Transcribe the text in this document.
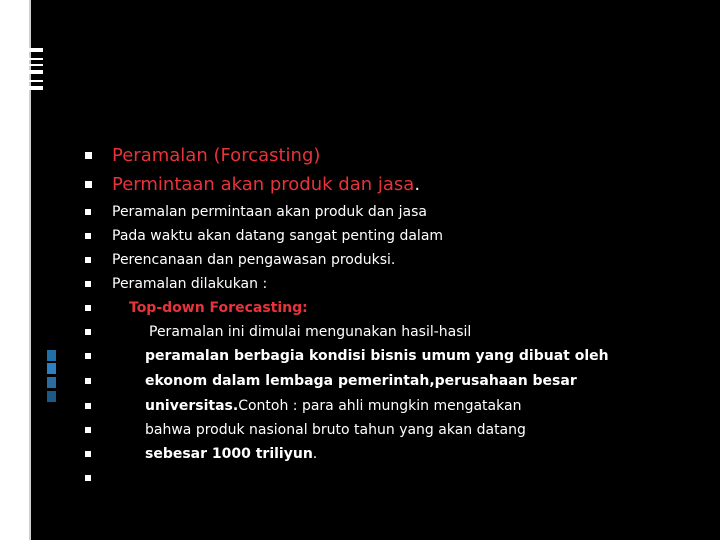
Peramalan (Forcasting)
Permintaan akan produk dan jasa .
Peramalan permintaan akan produk dan jasa
Pada waktu akan datang sangat penting dalam
Perencanaan dan pengawasan produksi.
Peramalan dilakukan :
Top-down Forecasting:
Peramalan ini dimulai mengunakan hasil-hasil
peramalan berbagia kondisi bisnis umum yang dibuat oleh
ekonom dalam lembaga pemerintah,perusahaan besar
universitas. Contoh : para ahli mungkin mengatakan
bahwa produk nasional bruto tahun yang akan datang
sebesar 1000 triliyun .
